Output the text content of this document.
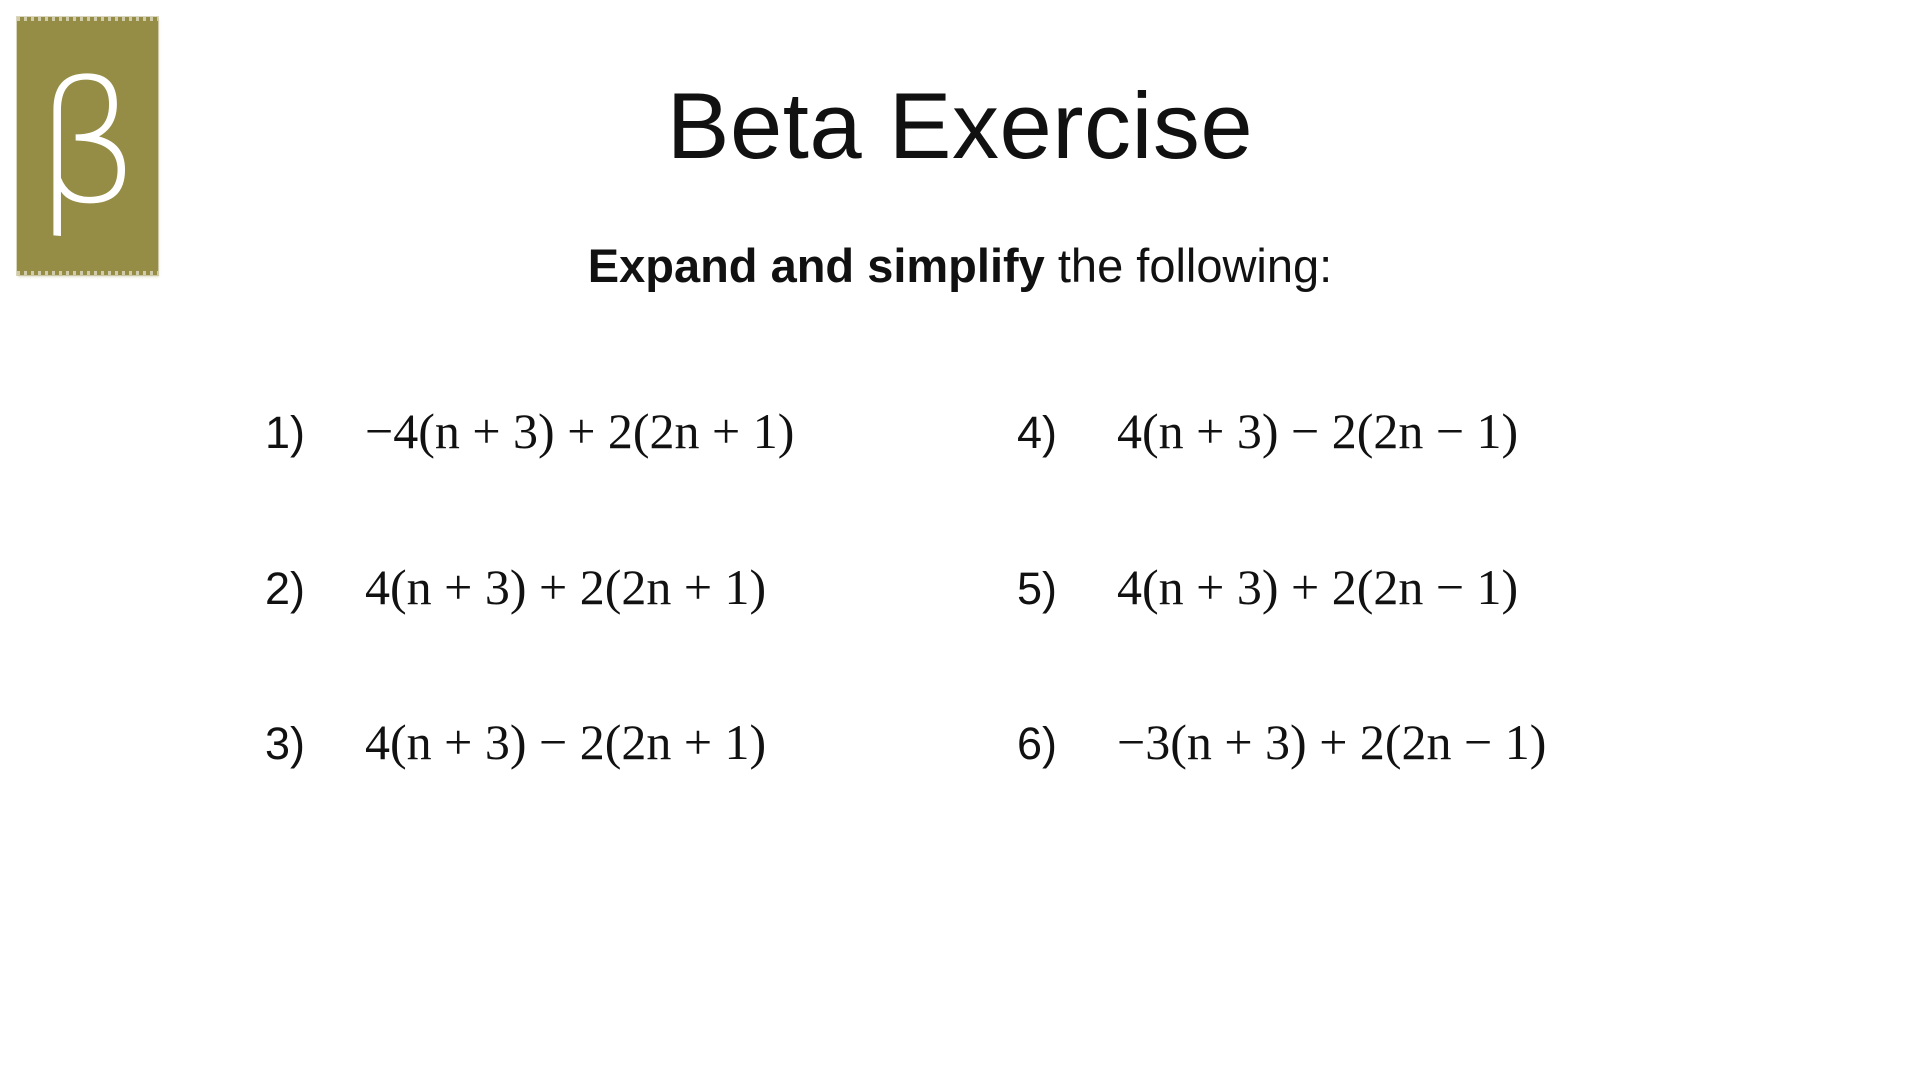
β	Beta Exercise
Expand and simplify the following:
1)	−4(n + 3) + 2(2n + 1)
2)	4(n + 3) + 2(2n + 1)
3)	4(n + 3) − 2(2n + 1)
4)	4(n + 3) − 2(2n − 1)
5)	4(n + 3) + 2(2n − 1)
6)	−3(n + 3) + 2(2n − 1)
